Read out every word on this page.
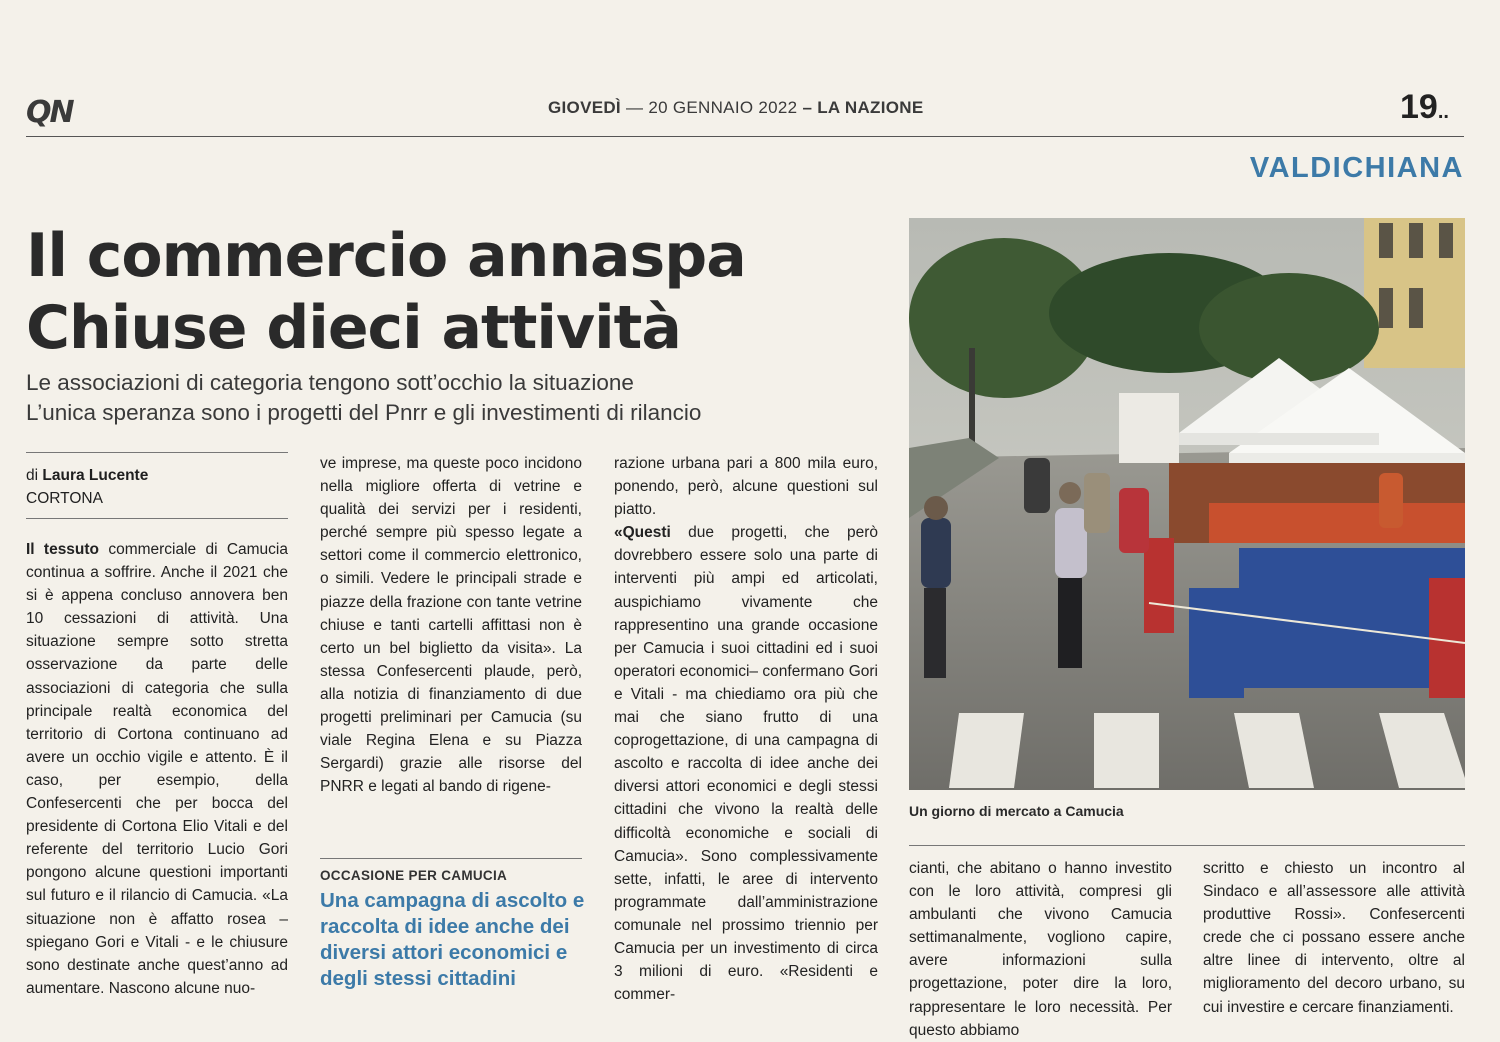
QN	GIOVEDÌ — 20 GENNAIO 2022 – LA NAZIONE	19..
VALDICHIANA
Il commercio annaspa
Chiuse dieci attività
Le associazioni di categoria tengono sott’occhio la situazione
L’unica speranza sono i progetti del Pnrr e gli investimenti di rilancio
di Laura Lucente
CORTONA
Il tessuto commerciale di Camucia continua a soffrire. Anche il 2021 che si è appena concluso annovera ben 10 cessazioni di attività. Una situazione sempre sotto stretta osservazione da parte delle associazioni di categoria che sulla principale realtà economica del territorio di Cortona continuano ad avere un occhio vigile e attento. È il caso, per esempio, della Confesercenti che per bocca del presidente di Cortona Elio Vitali e del referente del territorio Lucio Gori pongono alcune questioni importanti sul futuro e il rilancio di Camucia. «La situazione non è affatto rosea – spiegano Gori e Vitali - e le chiusure sono destinate anche quest’anno ad aumentare. Nascono alcune nuo-
ve imprese, ma queste poco incidono nella migliore offerta di vetrine e qualità dei servizi per i residenti, perché sempre più spesso legate a settori come il commercio elettronico, o simili. Vedere le principali strade e piazze della frazione con tante vetrine chiuse e tanti cartelli affittasi non è certo un bel biglietto da visita». La stessa Confesercenti plaude, però, alla notizia di finanziamento di due progetti preliminari per Camucia (su viale Regina Elena e su Piazza Sergardi) grazie alle risorse del PNRR e legati al bando di rigene-
OCCASIONE PER CAMUCIA
Una campagna di ascolto e raccolta di idee anche dei diversi attori economici e degli stessi cittadini
razione urbana pari a 800 mila euro, ponendo, però, alcune questioni sul piatto.
«Questi due progetti, che però dovrebbero essere solo una parte di interventi più ampi ed articolati, auspichiamo vivamente che rappresentino una grande occasione per Camucia i suoi cittadini ed i suoi operatori economici– confermano Gori e Vitali - ma chiediamo ora più che mai che siano frutto di una coprogettazione, di una campagna di ascolto e raccolta di idee anche dei diversi attori economici e degli stessi cittadini che vivono la realtà delle difficoltà economiche e sociali di Camucia». Sono complessivamente sette, infatti, le aree di intervento programmate dall’amministrazione comunale nel prossimo triennio per Camucia per un investimento di circa 3 milioni di euro. «Residenti e commer-
cianti, che abitano o hanno investito con le loro attività, compresi gli ambulanti che vivono Camucia settimanalmente, vogliono capire, avere informazioni sulla progettazione, poter dire la loro, rappresentare le loro necessità. Per questo abbiamo
scritto e chiesto un incontro al Sindaco e all’assessore alle attività produttive Rossi». Confesercenti crede che ci possano essere anche altre linee di intervento, oltre al miglioramento del decoro urbano, su cui investire e cercare finanziamenti.
Un giorno di mercato a Camucia
